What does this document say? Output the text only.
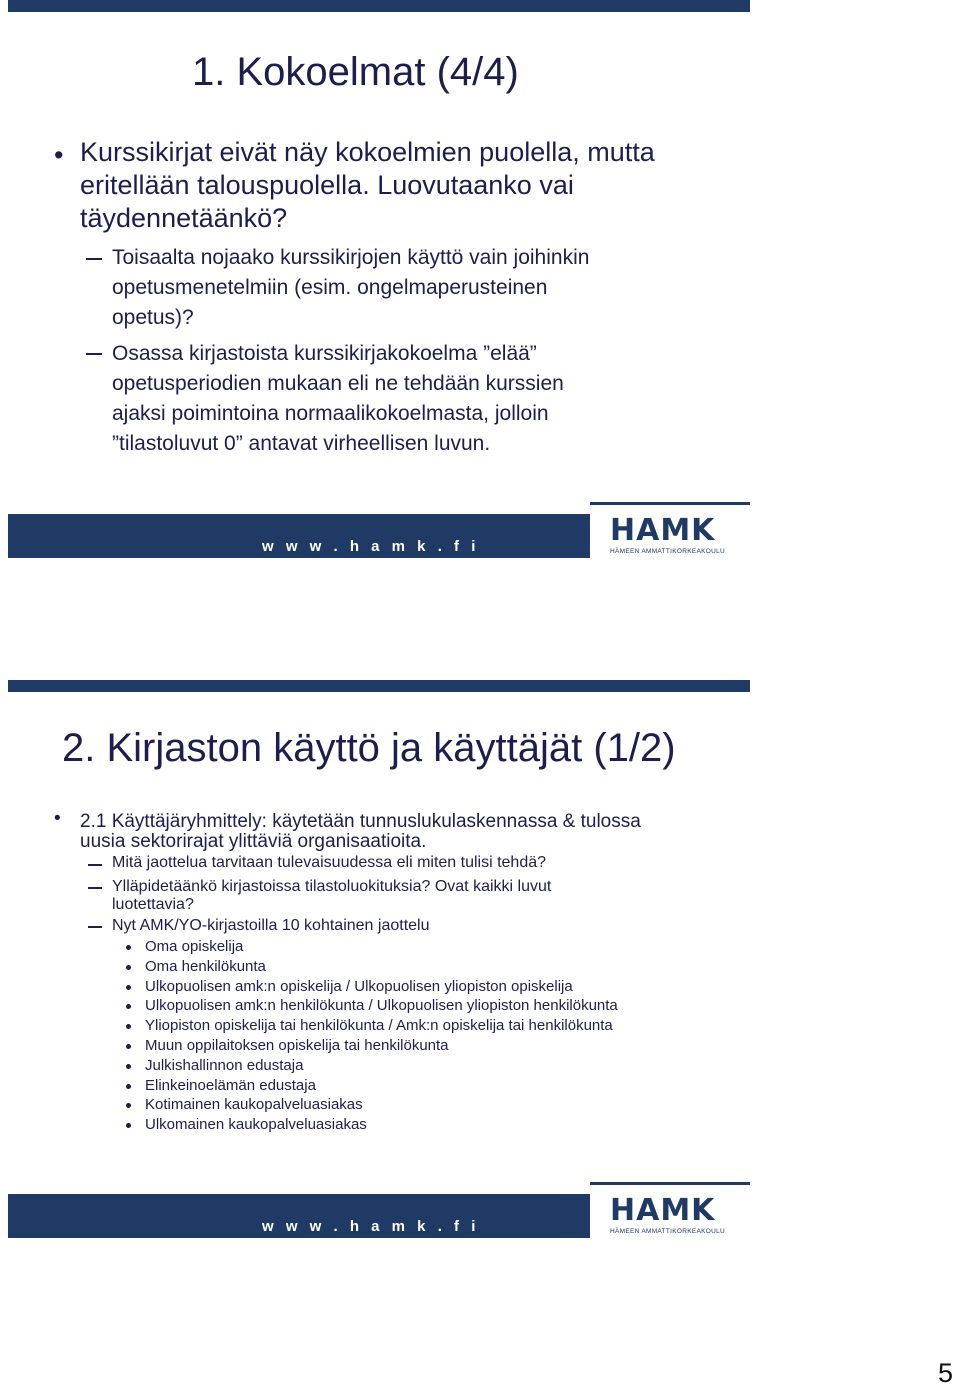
1. Kokoelmat (4/4)
• Kurssikirjat eivät näy kokoelmien puolella, mutta
eritellään talouspuolella. Luovutaanko vai
täydennetäänkö?
Toisaalta nojaako kurssikirjojen käyttö vain joihinkin
opetusmenetelmiin (esim. ongelmaperusteinen
opetus)?
Osassa kirjastoista kurssikirjakokoelma ”elää”
opetusperiodien mukaan eli ne tehdään kurssien
ajaksi poimintoina normaalikokoelmasta, jolloin
”tilastoluvut 0” antavat virheellisen luvun.
w w w . h a m k . f i	HAMK
HÄMEEN AMMATTIKORKEAKOULU
2. Kirjaston käyttö ja käyttäjät (1/2)
• 2.1 Käyttäjäryhmittely: käytetään tunnuslukulaskennassa & tulossa
uusia sektorirajat ylittäviä organisaatioita.
Mitä jaottelua tarvitaan tulevaisuudessa eli miten tulisi tehdä?
Ylläpidetäänkö kirjastoissa tilastoluokituksia? Ovat kaikki luvut
luotettavia?
Nyt AMK/YO-kirjastoilla 10 kohtainen jaottelu
Oma opiskelija
Oma henkilökunta
Ulkopuolisen amk:n opiskelija / Ulkopuolisen yliopiston opiskelija
Ulkopuolisen amk:n henkilökunta / Ulkopuolisen yliopiston henkilökunta
Yliopiston opiskelija tai henkilökunta / Amk:n opiskelija tai henkilökunta
Muun oppilaitoksen opiskelija tai henkilökunta
Julkishallinnon edustaja
Elinkeinoelämän edustaja
Kotimainen kaukopalveluasiakas
Ulkomainen kaukopalveluasiakas
w w w . h a m k . f i	HAMK
HÄMEEN AMMATTIKORKEAKOULU
5
